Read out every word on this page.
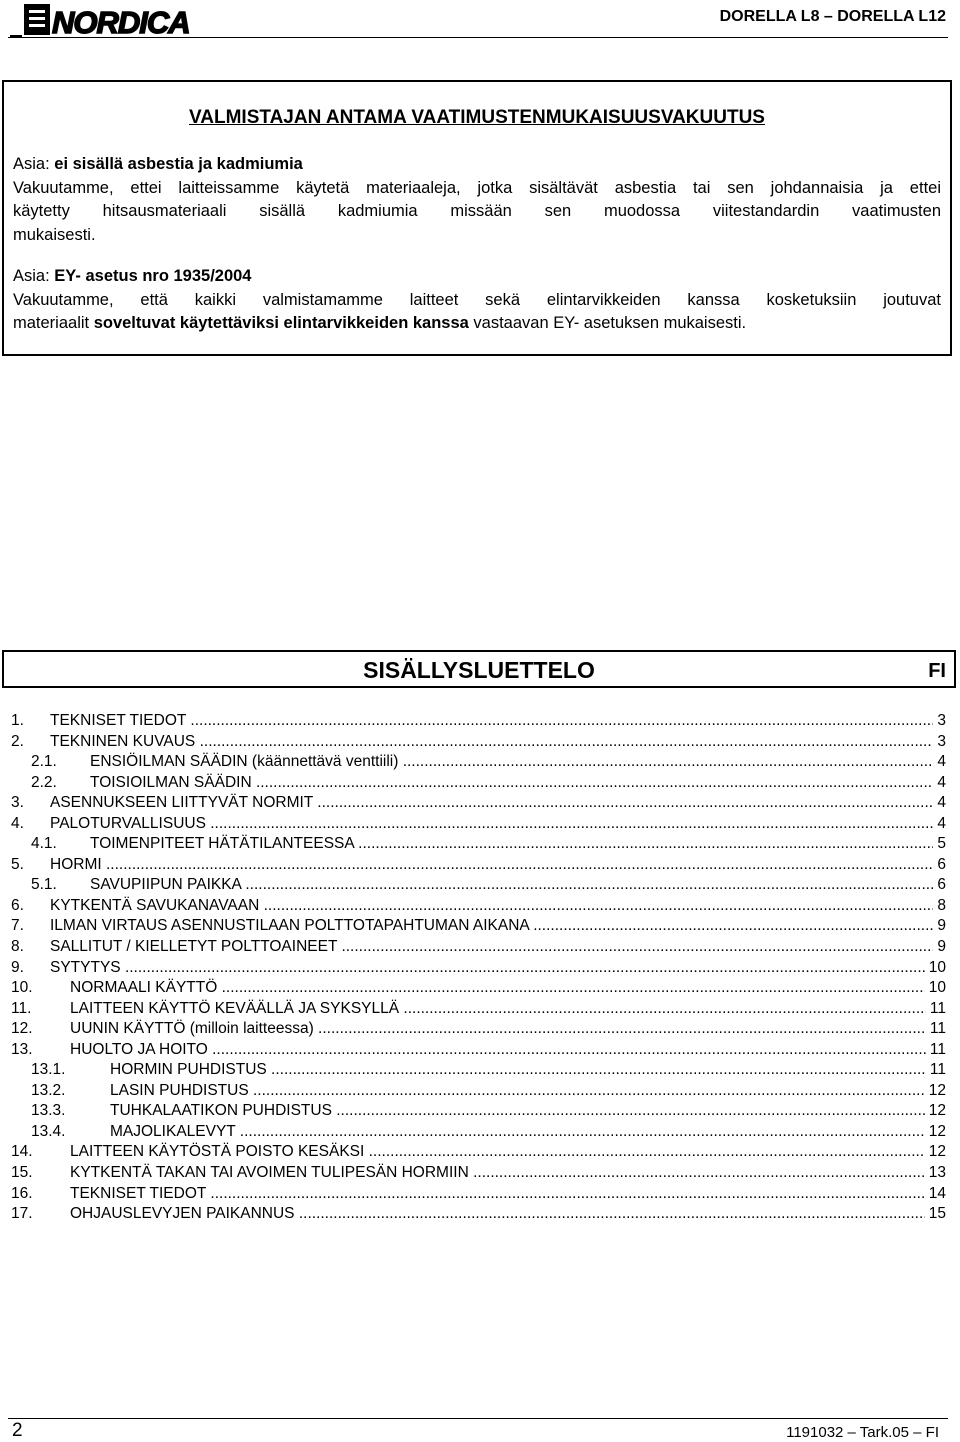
NORDICA	DORELLA L8 – DORELLA L12
VALMISTAJAN ANTAMA VAATIMUSTENMUKAISUUSVAKUUTUS
Asia: ei sisällä asbestia ja kadmiumia
Vakuutamme, ettei laitteissamme käytetä materiaaleja, jotka sisältävät asbestia tai sen johdannaisia ja ettei
käytetty hitsausmateriaali sisällä kadmiumia missään sen muodossa viitestandardin vaatimusten
mukaisesti.
Asia: EY- asetus nro 1935/2004
Vakuutamme, että kaikki valmistamamme laitteet sekä elintarvikkeiden kanssa kosketuksiin joutuvat
materiaalit soveltuvat käytettäviksi elintarvikkeiden kanssa vastaavan EY- asetuksen mukaisesti.
SISÄLLYSLUETTELO	FI
1. TEKNISET TIEDOT .....	3
2. TEKNINEN KUVAUS .....	3
2.1. ENSIÖILMAN SÄÄDIN (käännettävä venttiili) .....	4
2.2. TOISIOILMAN SÄÄDIN .....	4
3. ASENNUKSEEN LIITTYVÄT NORMIT .....	4
4. PALOTURVALLISUUS .....	4
4.1. TOIMENPITEET HÄTÄTILANTEESSA .....	5
5. HORMI .....	6
5.1. SAVUPIIPUN PAIKKA .....	6
6. KYTKENTÄ SAVUKANAVAAN .....	8
7. ILMAN VIRTAUS ASENNUSTILAAN POLTTOTAPAHTUMAN AIKANA .....	9
8. SALLITUT / KIELLETYT POLTTOAINEET .....	9
9. SYTYTYS .....	10
10. NORMAALI KÄYTTÖ .....	10
11. LAITTEEN KÄYTTÖ KEVÄÄLLÄ JA SYKSYLLÄ .....	11
12. UUNIN KÄYTTÖ (milloin laitteessa) .....	11
13. HUOLTO JA HOITO .....	11
13.1.	HORMIN PUHDISTUS .....	11
13.2.	LASIN PUHDISTUS .....	12
13.3.	TUHKALAATIKON PUHDISTUS .....	12
13.4.	MAJOLIKALEVYT .....	12
14. LAITTEEN KÄYTÖSTÄ POISTO KESÄKSI .....	12
15. KYTKENTÄ TAKAN TAI AVOIMEN TULIPESÄN HORMIIN .....	13
16. TEKNISET TIEDOT .....	14
17. OHJAUSLEVYJEN PAIKANNUS .....	15
2	1191032 – Tark.05 – FI
